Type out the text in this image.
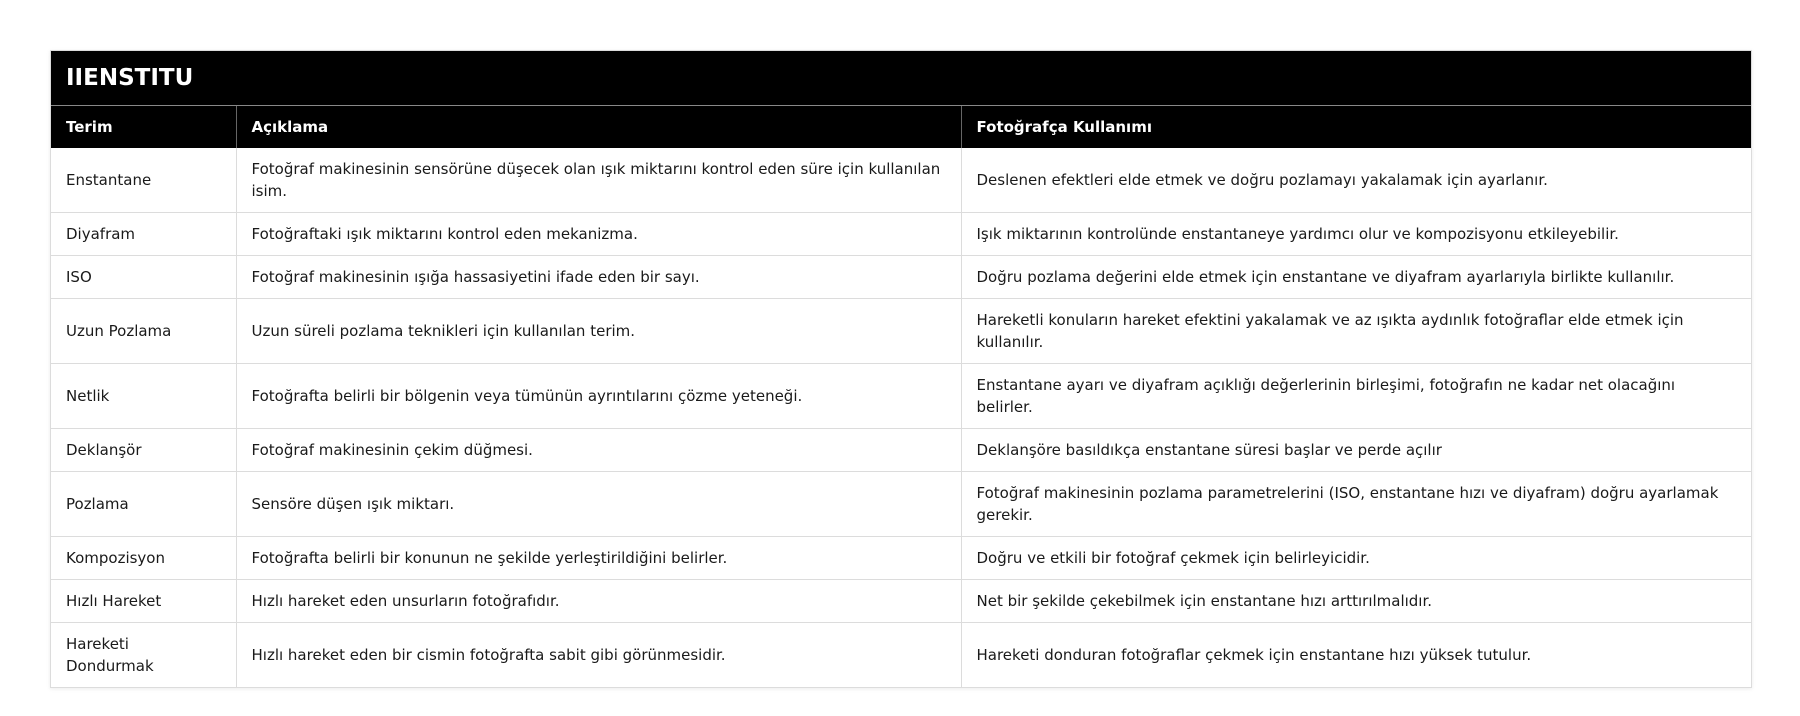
IIENSTITU
Terim	Açıklama	Fotoğrafça Kullanımı
Enstantane	Fotoğraf makinesinin sensörüne düşecek olan ışık miktarını kontrol eden süre için kullanılan isim.	Deslenen efektleri elde etmek ve doğru pozlamayı yakalamak için ayarlanır.
Diyafram	Fotoğraftaki ışık miktarını kontrol eden mekanizma.	Işık miktarının kontrolünde enstantaneye yardımcı olur ve kompozisyonu etkileyebilir.
ISO	Fotoğraf makinesinin ışığa hassasiyetini ifade eden bir sayı.	Doğru pozlama değerini elde etmek için enstantane ve diyafram ayarlarıyla birlikte kullanılır.
Uzun Pozlama	Uzun süreli pozlama teknikleri için kullanılan terim.	Hareketli konuların hareket efektini yakalamak ve az ışıkta aydınlık fotoğraflar elde etmek için kullanılır.
Netlik	Fotoğrafta belirli bir bölgenin veya tümünün ayrıntılarını çözme yeteneği.	Enstantane ayarı ve diyafram açıklığı değerlerinin birleşimi, fotoğrafın ne kadar net olacağını belirler.
Deklanşör	Fotoğraf makinesinin çekim düğmesi.	Deklanşöre basıldıkça enstantane süresi başlar ve perde açılır
Pozlama	Sensöre düşen ışık miktarı.	Fotoğraf makinesinin pozlama parametrelerini (ISO, enstantane hızı ve diyafram) doğru ayarlamak gerekir.
Kompozisyon	Fotoğrafta belirli bir konunun ne şekilde yerleştirildiğini belirler.	Doğru ve etkili bir fotoğraf çekmek için belirleyicidir.
Hızlı Hareket	Hızlı hareket eden unsurların fotoğrafıdır.	Net bir şekilde çekebilmek için enstantane hızı arttırılmalıdır.
Hareketi Dondurmak	Hızlı hareket eden bir cismin fotoğrafta sabit gibi görünmesidir.	Hareketi donduran fotoğraflar çekmek için enstantane hızı yüksek tutulur.
